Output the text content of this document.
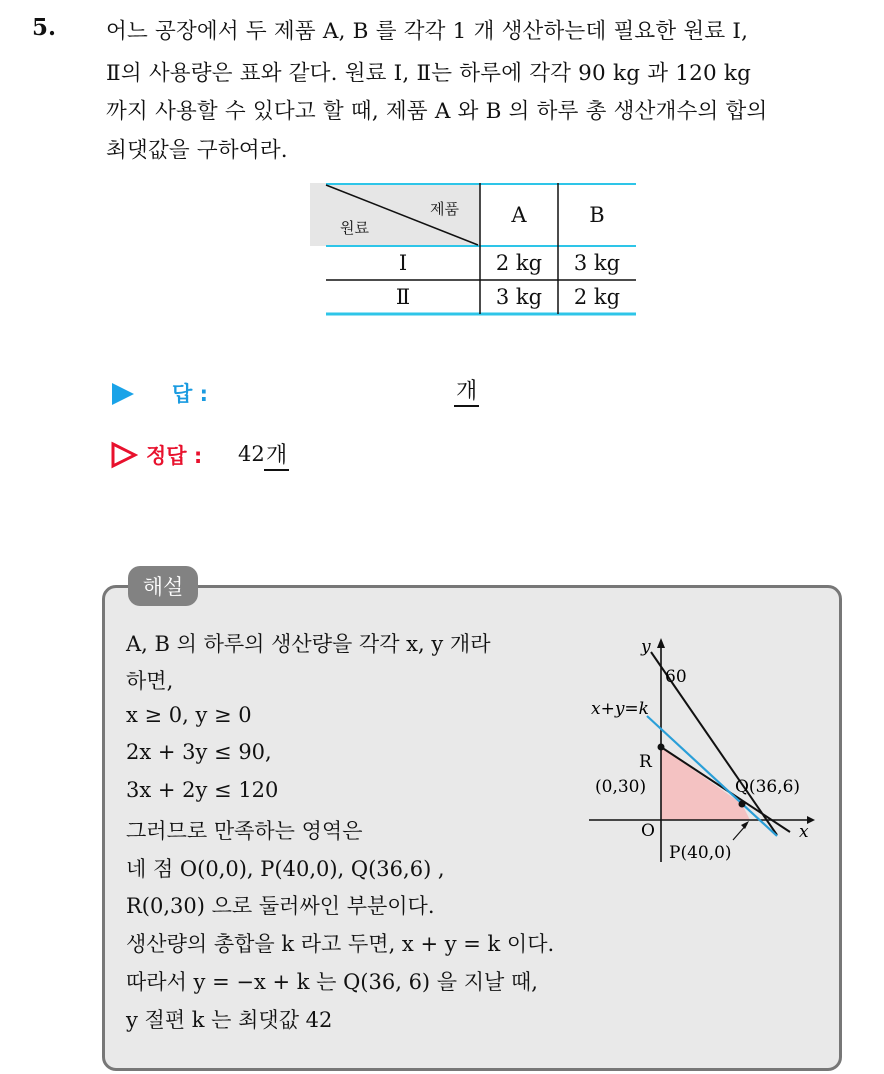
5. 어느 공장에서 두 제품 A, B 를 각각 1 개 생산하는데 필요한 원료 Ⅰ,
Ⅱ의 사용량은 표와 같다. 원료 Ⅰ, Ⅱ는 하루에 각각 90 kg 과 120 kg
까지 사용할 수 있다고 할 때, 제품 A 와 B 의 하루 총 생산개수의 합의
최댓값을 구하여라.
제품
원료
A	B
Ⅰ	2 kg	3 kg
Ⅱ	3 kg	2 kg
답 :	개
정답 : 42 개
해설
A, B 의 하루의 생산량을 각각 x, y 개라
하면,
x ≥ 0, y ≥ 0
2x + 3y ≤ 90,
3x + 2y ≤ 120
그러므로 만족하는 영역은
네 점 O(0,0), P(40,0), Q(36,6) ,
R(0,30) 으로 둘러싸인 부분이다.
생산량의 총합을 k 라고 두면, x + y = k 이다.
따라서 y = −x + k 는 Q(36, 6) 을 지날 때,
y 절편 k 는 최댓값 42
y
x
60
x+y=k
R
(0,30)	Q(36,6)
O
P(40,0)
